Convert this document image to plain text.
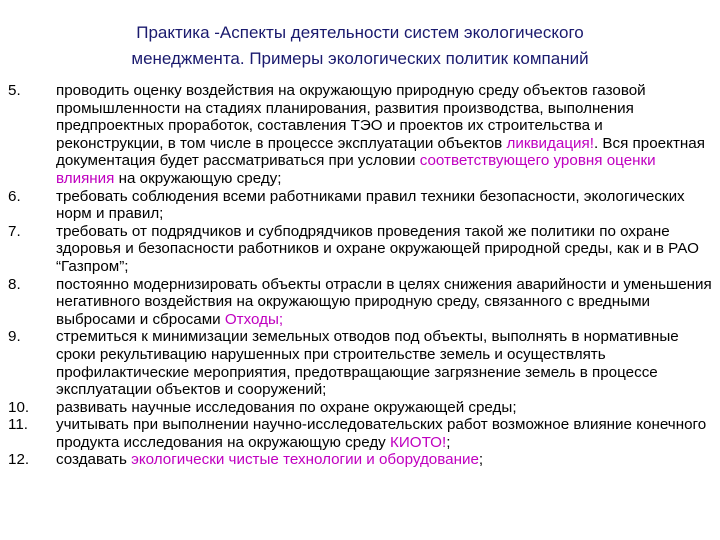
Практика -Аспекты деятельности систем экологического
менеджмента. Примеры экологических политик компаний
5.	проводить оценку воздействия на окружающую природную среду объектов газовой промышленности на стадиях планирования, развития производства, выполнения предпроектных проработок, составления ТЭО и проектов их строительства и реконструкции, в том числе в процессе эксплуатации объектов ликвидация!. Вся проектная документация будет рассматриваться при условии соответствующего уровня оценки влияния на окружающую среду;
6.	требовать соблюдения всеми работниками правил техники безопасности, экологических норм и правил;
7.	требовать от подрядчиков и субподрядчиков проведения такой же политики по охране здоровья и безопасности работников и охране окружающей природной среды, как и в РАО “Газпром”;
8.	постоянно модернизировать объекты отрасли в целях снижения аварийности и уменьшения негативного воздействия на окружающую природную среду, связанного с вредными выбросами и сбросами Отходы;
9.	стремиться к минимизации земельных отводов под объекты, выполнять в нормативные сроки рекультивацию нарушенных при строительстве земель и осуществлять профилактические мероприятия, предотвращающие загрязнение земель в процессе эксплуатации объектов и сооружений;
10.	развивать научные исследования по охране окружающей среды;
11.	учитывать при выполнении научно-исследовательских работ возможное влияние конечного продукта исследования на окружающую среду КИОТО!;
12.	создавать экологически чистые технологии и оборудование;
